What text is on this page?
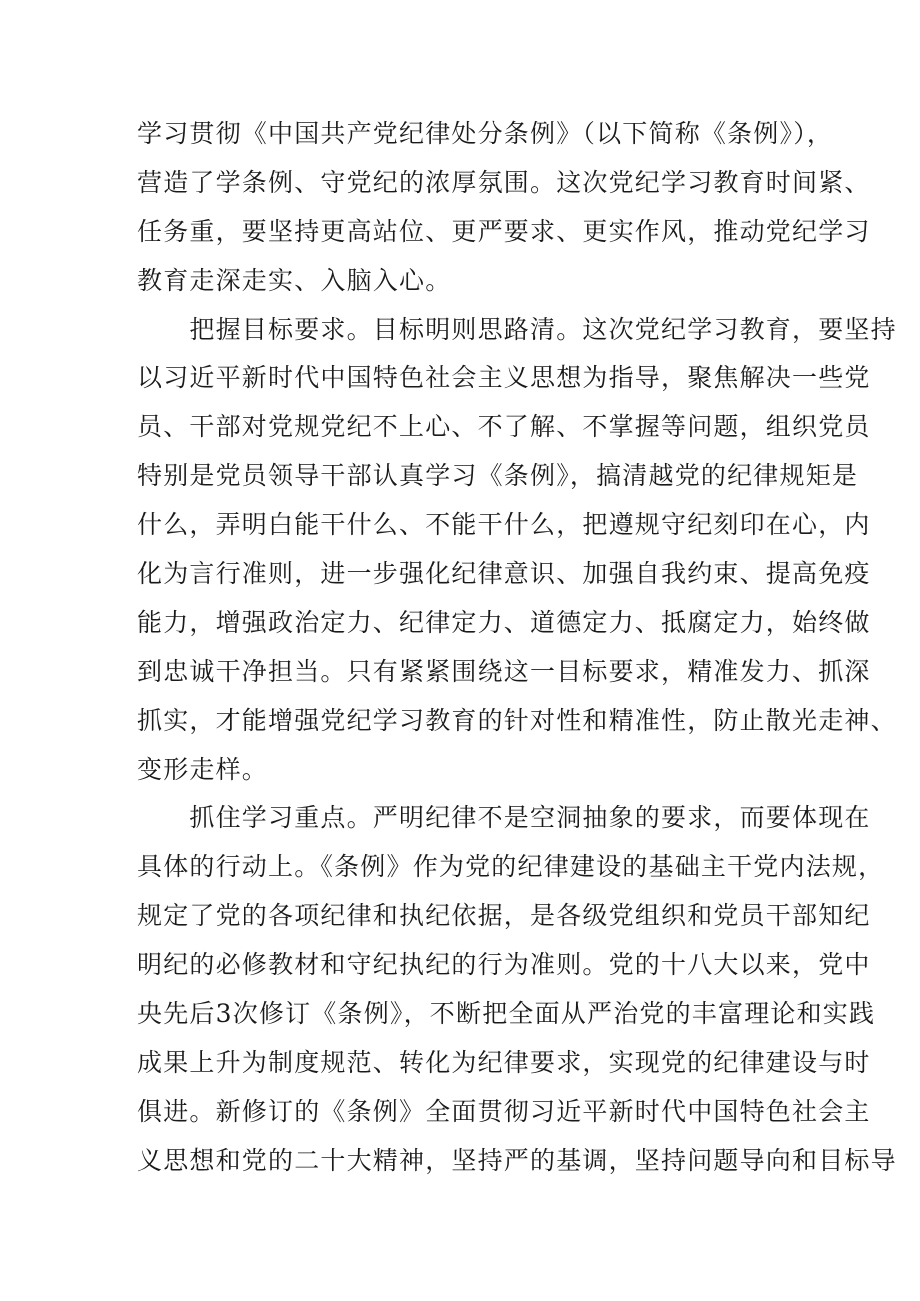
学习贯彻《中国共产党纪律处分条例》（以下简称《条例》），
营造了学条例、守党纪的浓厚氛围。这次党纪学习教育时间紧、
任务重，要坚持更高站位、更严要求、更实作风，推动党纪学习
教育走深走实、入脑入心。
　　把握目标要求。目标明则思路清。这次党纪学习教育，要坚持
以习近平新时代中国特色社会主义思想为指导，聚焦解决一些党
员、干部对党规党纪不上心、不了解、不掌握等问题，组织党员
特别是党员领导干部认真学习《条例》，搞清越党的纪律规矩是
什么，弄明白能干什么、不能干什么，把遵规守纪刻印在心，内
化为言行准则，进一步强化纪律意识、加强自我约束、提高免疫
能力，增强政治定力、纪律定力、道德定力、抵腐定力，始终做
到忠诚干净担当。只有紧紧围绕这一目标要求，精准发力、抓深
抓实，才能增强党纪学习教育的针对性和精准性，防止散光走神、
变形走样。
　　抓住学习重点。严明纪律不是空洞抽象的要求，而要体现在
具体的行动上。《条例》作为党的纪律建设的基础主干党内法规，
规定了党的各项纪律和执纪依据，是各级党组织和党员干部知纪
明纪的必修教材和守纪执纪的行为准则。党的十八大以来，党中
央先后3次修订《条例》，不断把全面从严治党的丰富理论和实践
成果上升为制度规范、转化为纪律要求，实现党的纪律建设与时
俱进。新修订的《条例》全面贯彻习近平新时代中国特色社会主
义思想和党的二十大精神，坚持严的基调，坚持问题导向和目标导
